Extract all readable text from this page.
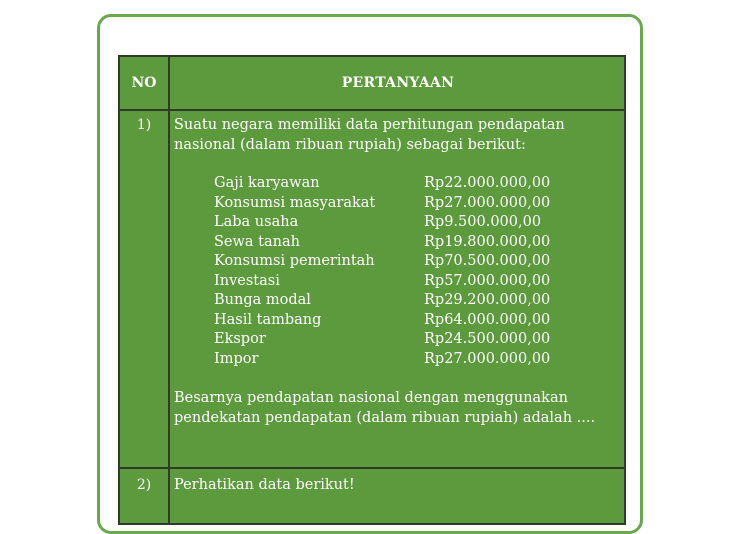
NO	PERTANYAAN
1)	Suatu negara memiliki data perhitungan pendapatan nasional (dalam ribuan rupiah) sebagai berikut:
Gaji karyawan	Rp22.000.000,00
Konsumsi masyarakat	Rp27.000.000,00
Laba usaha	Rp9.500.000,00
Sewa tanah	Rp19.800.000,00
Konsumsi pemerintah	Rp70.500.000,00
Investasi	Rp57.000.000,00
Bunga modal	Rp29.200.000,00
Hasil tambang	Rp64.000.000,00
Ekspor	Rp24.500.000,00
Impor	Rp27.000.000,00
Besarnya pendapatan nasional dengan menggunakan pendekatan pendapatan (dalam ribuan rupiah) adalah ....
2)	Perhatikan data berikut!
